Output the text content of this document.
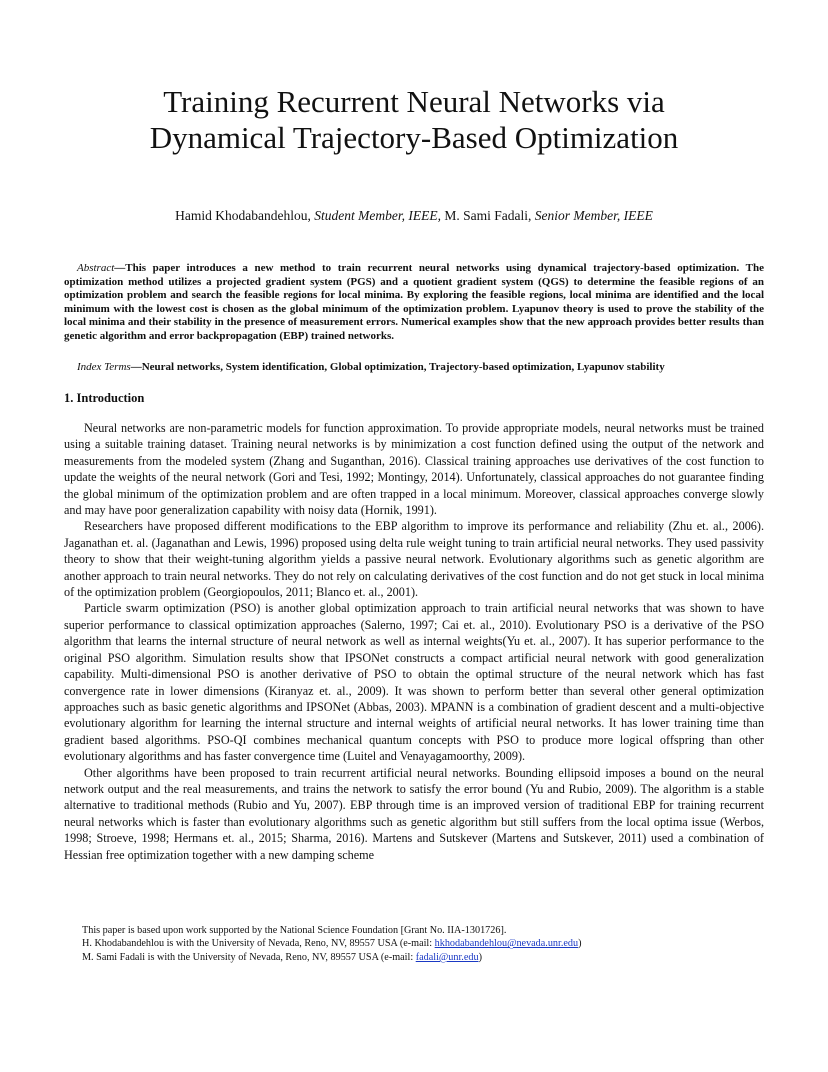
Training Recurrent Neural Networks via
Dynamical Trajectory-Based Optimization
Hamid Khodabandehlou, Student Member, IEEE, M. Sami Fadali, Senior Member, IEEE
Abstract—This paper introduces a new method to train recurrent neural networks using dynamical trajectory-based optimization. The optimization method utilizes a projected gradient system (PGS) and a quotient gradient system (QGS) to determine the feasible regions of an optimization problem and search the feasible regions for local minima. By exploring the feasible regions, local minima are identified and the local minimum with the lowest cost is chosen as the global minimum of the optimization problem. Lyapunov theory is used to prove the stability of the local minima and their stability in the presence of measurement errors. Numerical examples show that the new approach provides better results than genetic algorithm and error backpropagation (EBP) trained networks.
Index Terms—Neural networks, System identification, Global optimization, Trajectory-based optimization, Lyapunov stability
1. Introduction

Neural networks are non-parametric models for function approximation. To provide appropriate models, neural networks must be trained using a suitable training dataset. Training neural networks is by minimization a cost function defined using the output of the network and measurements from the modeled system (Zhang and Suganthan, 2016). Classical training approaches use derivatives of the cost function to update the weights of the neural network (Gori and Tesi, 1992; Montingy, 2014). Unfortunately, classical approaches do not guarantee finding the global minimum of the optimization problem and are often trapped in a local minimum. Moreover, classical approaches converge slowly and may have poor generalization capability with noisy data (Hornik, 1991).

Researchers have proposed different modifications to the EBP algorithm to improve its performance and reliability (Zhu et. al., 2006). Jaganathan et. al. (Jaganathan and Lewis, 1996) proposed using delta rule weight tuning to train artificial neural networks. They used passivity theory to show that their weight-tuning algorithm yields a passive neural network. Evolutionary algorithms such as genetic algorithm are another approach to train neural networks. They do not rely on calculating derivatives of the cost function and do not get stuck in local minima of the optimization problem (Georgiopoulos, 2011; Blanco et. al., 2001).

Particle swarm optimization (PSO) is another global optimization approach to train artificial neural networks that was shown to have superior performance to classical optimization approaches (Salerno, 1997; Cai et. al., 2010). Evolutionary PSO is a derivative of the PSO algorithm that learns the internal structure of neural network as well as internal weights(Yu et. al., 2007). It has superior performance to the original PSO algorithm. Simulation results show that IPSONet constructs a compact artificial neural network with good generalization capability. Multi-dimensional PSO is another derivative of PSO to obtain the optimal structure of the neural network which has fast convergence rate in lower dimensions (Kiranyaz et. al., 2009). It was shown to perform better than several other general optimization approaches such as basic genetic algorithms and IPSONet (Abbas, 2003). MPANN is a combination of gradient descent and a multi-objective evolutionary algorithm for learning the internal structure and internal weights of artificial neural networks. It has lower training time than gradient based algorithms. PSO-QI combines mechanical quantum concepts with PSO to produce more logical offspring than other evolutionary algorithms and has faster convergence time (Luitel and Venayagamoorthy, 2009).

Other algorithms have been proposed to train recurrent artificial neural networks. Bounding ellipsoid imposes a bound on the neural network output and the real measurements, and trains the network to satisfy the error bound (Yu and Rubio, 2009). The algorithm is a stable alternative to traditional methods (Rubio and Yu, 2007). EBP through time is an improved version of traditional EBP for training recurrent neural networks which is faster than evolutionary algorithms such as genetic algorithm but still suffers from the local optima issue (Werbos, 1998; Stroeve, 1998; Hermans et. al., 2015; Sharma, 2016). Martens and Sutskever (Martens and Sutskever, 2011) used a combination of Hessian free optimization together with a new damping scheme

This paper is based upon work supported by the National Science Foundation [Grant No. IIA-1301726].
H. Khodabandehlou is with the University of Nevada, Reno, NV, 89557 USA (e-mail: hkhodabandehlou@nevada.unr.edu)
M. Sami Fadali is with the University of Nevada, Reno, NV, 89557 USA (e-mail: fadali@unr.edu)
